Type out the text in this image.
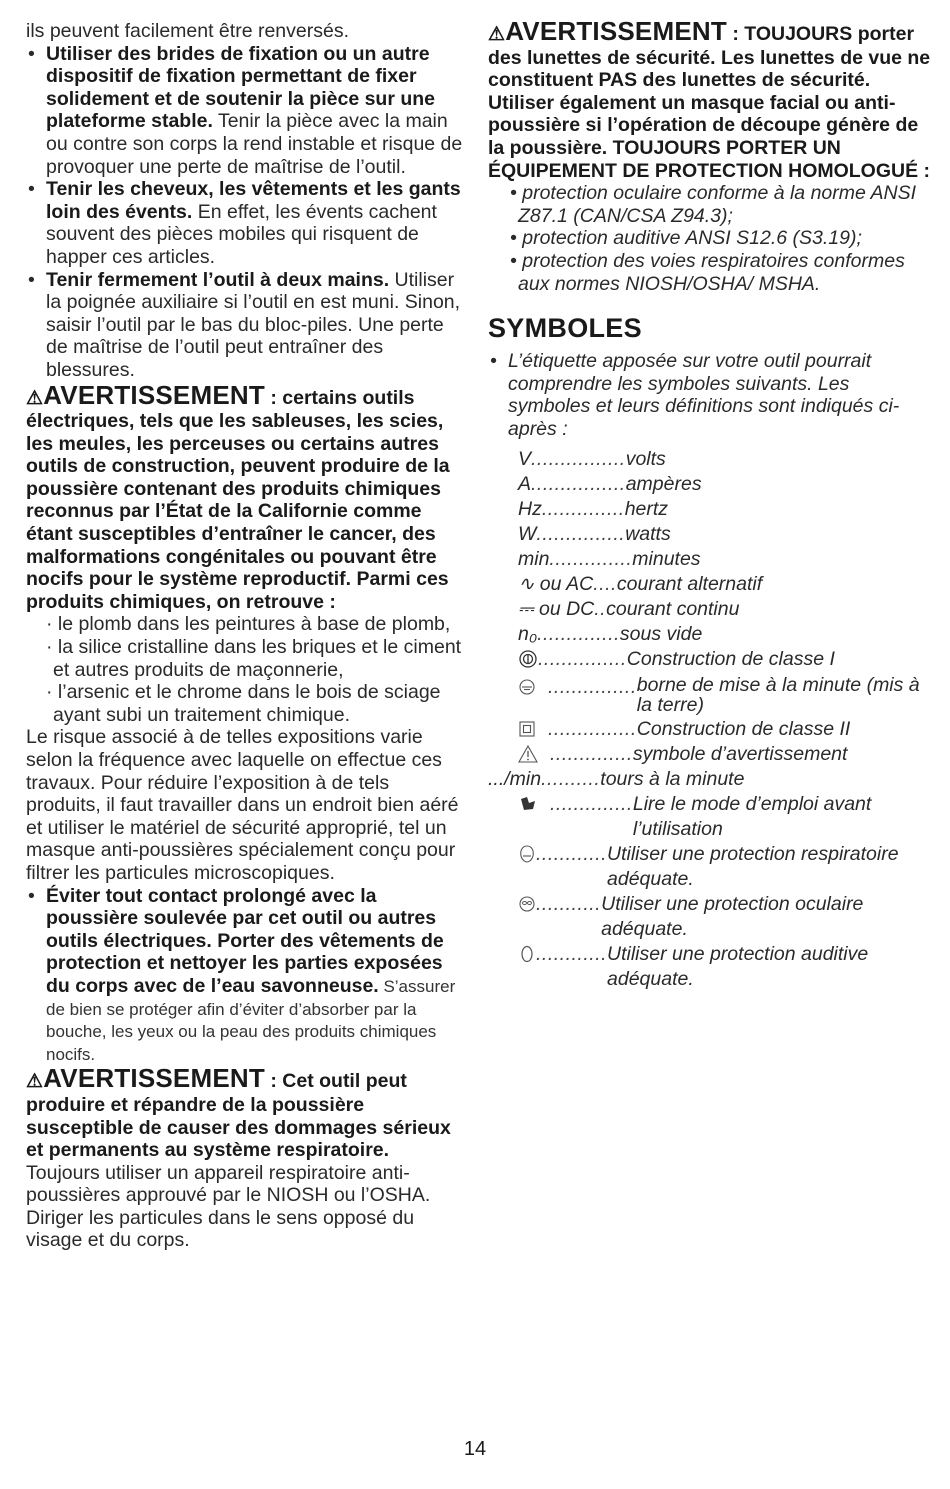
ils peuvent facilement être renversés.

• Utiliser des brides de fixation ou un autre dispositif de fixation permettant de fixer solidement et de soutenir la pièce sur une plateforme stable. Tenir la pièce avec la main ou contre son corps la rend instable et risque de provoquer une perte de maîtrise de l’outil.
• Tenir les cheveux, les vêtements et les gants loin des évents. En effet, les évents cachent souvent des pièces mobiles qui risquent de happer ces articles.
• Tenir fermement l’outil à deux mains. Utiliser la poignée auxiliaire si l’outil en est muni. Sinon, saisir l’outil par le bas du bloc-piles. Une perte de maîtrise de l’outil peut entraîner des blessures.

⚠AVERTISSEMENT : certains outils électriques, tels que les sableuses, les scies, les meules, les perceuses ou certains autres outils de construction, peuvent produire de la poussière contenant des produits chimiques reconnus par l’État de la Californie comme étant susceptibles d’entraîner le cancer, des malformations congénitales ou pouvant être nocifs pour le système reproductif. Parmi ces produits chimiques, on retrouve :

· le plomb dans les peintures à base de plomb,
· la silice cristalline dans les briques et le ciment et autres produits de maçonnerie,
· l’arsenic et le chrome dans le bois de sciage ayant subi un traitement chimique.

Le risque associé à de telles expositions varie selon la fréquence avec laquelle on effectue ces travaux. Pour réduire l’exposition à de tels produits, il faut travailler dans un endroit bien aéré et utiliser le matériel de sécurité approprié, tel un masque anti-poussières spécialement conçu pour filtrer les particules microscopiques.

• Éviter tout contact prolongé avec la poussière soulevée par cet outil ou autres outils électriques. Porter des vêtements de protection et nettoyer les parties exposées du corps avec de l’eau savonneuse. S’assurer de bien se protéger afin d’éviter d’absorber par la bouche, les yeux ou la peau des produits chimiques nocifs.

⚠AVERTISSEMENT : Cet outil peut produire et répandre de la poussière susceptible de causer des dommages sérieux et permanents au système respiratoire. Toujours utiliser un appareil respiratoire anti-poussières approuvé par le NIOSH ou l’OSHA. Diriger les particules dans le sens opposé du visage et du corps.

⚠AVERTISSEMENT : TOUJOURS porter des lunettes de sécurité. Les lunettes de vue ne constituent PAS des lunettes de sécurité. Utiliser également un masque facial ou anti-poussière si l’opération de découpe génère de la poussière. TOUJOURS PORTER UN ÉQUIPEMENT DE PROTECTION HOMOLOGUÉ :

• protection oculaire conforme à la norme ANSI Z87.1 (CAN/CSA Z94.3);
• protection auditive ANSI S12.6 (S3.19);
• protection des voies respiratoires conformes aux normes NIOSH/OSHA/ MSHA.
SYMBOLES
• L’étiquette apposée sur votre outil pourrait comprendre les symboles suivants. Les symboles et leurs définitions sont indiqués ci-après :
V ................ volts
A ................ ampères
Hz .............. hertz
W ............... watts
min .............. minutes
∿ ou AC .... courant alternatif
⎓ ou DC .. courant continu
n₀ .............. sous vide
............... Construction de classe I
............... borne de mise à la minute (mis à la terre)
............... Construction de classe II
.............. symbole d’avertissement
.../min .......... tours à la minute
.............. Lire le mode d’emploi avant l’utilisation
............ Utiliser une protection respiratoire adéquate.
........... Utiliser une protection oculaire adéquate.
............ Utiliser une protection auditive adéquate.
14
